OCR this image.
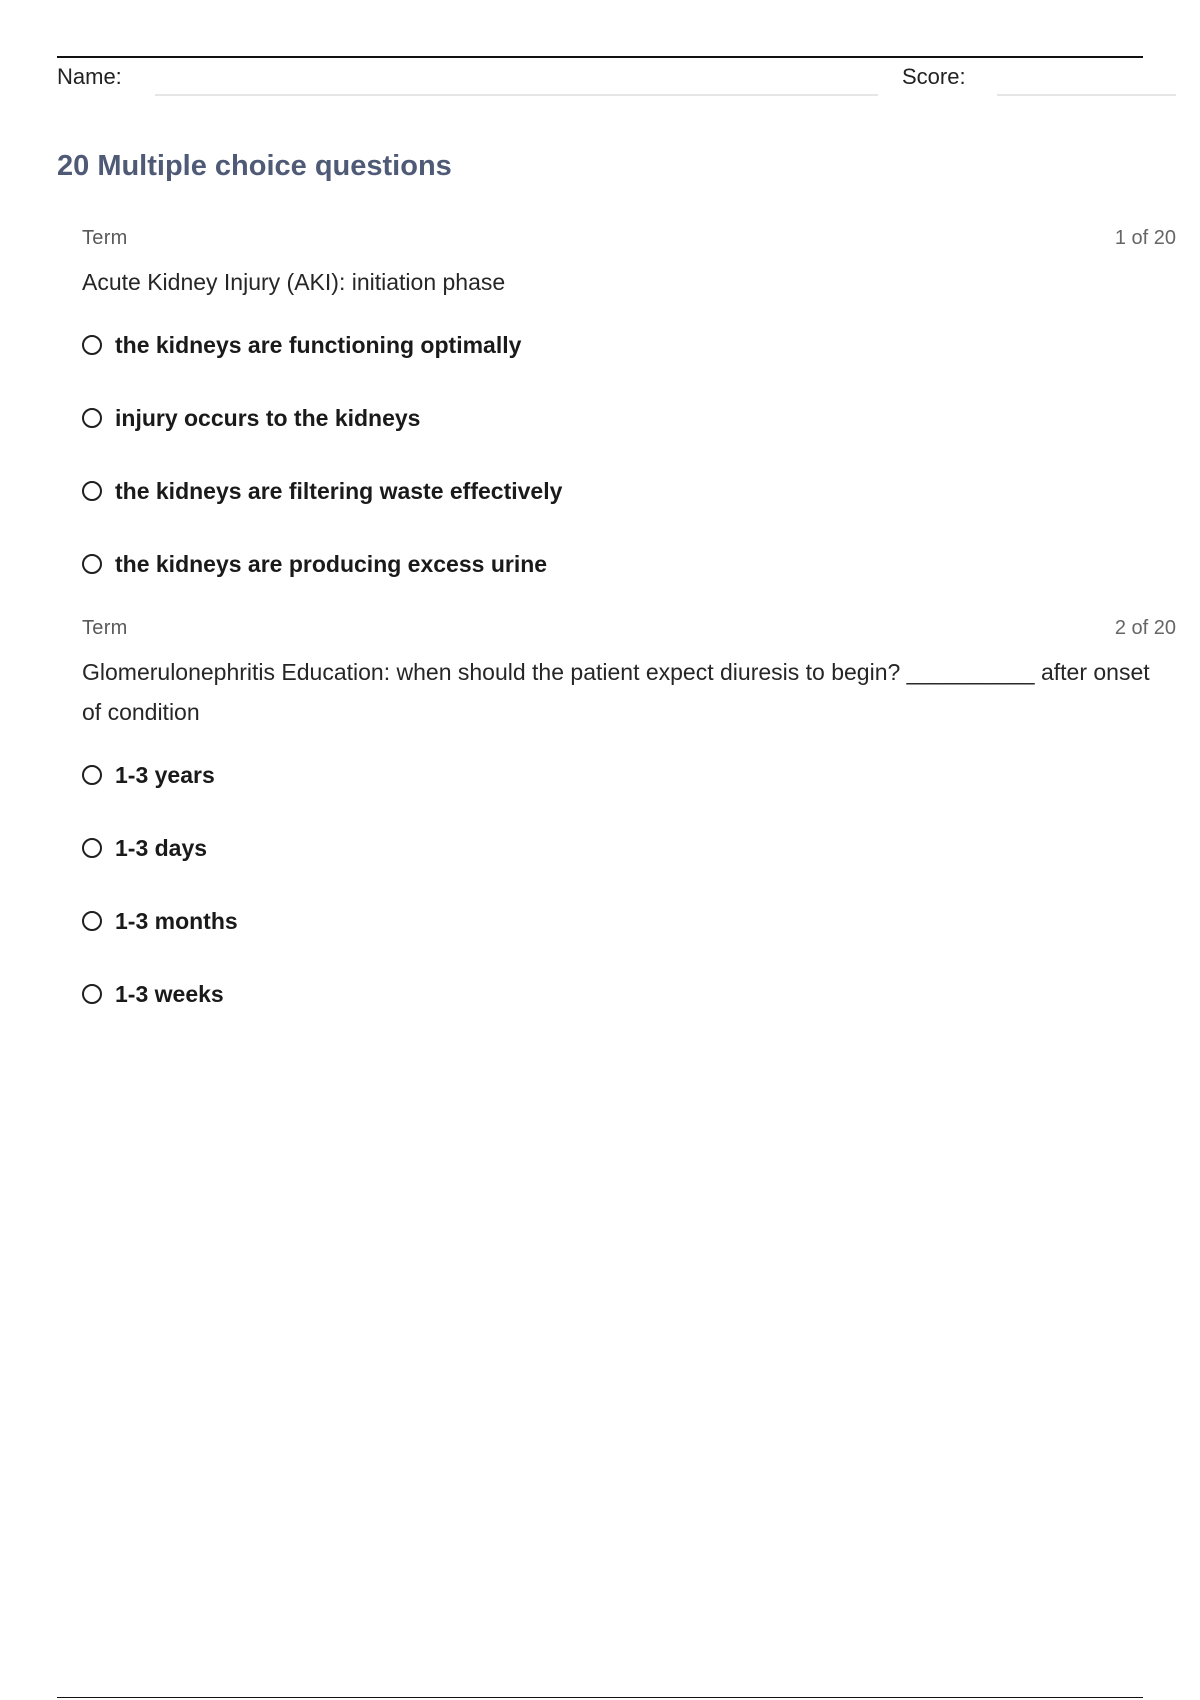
Name:	Score:
20 Multiple choice questions
Term	1 of 20
Acute Kidney Injury (AKI): initiation phase
the kidneys are functioning optimally
injury occurs to the kidneys
the kidneys are filtering waste effectively
the kidneys are producing excess urine
Term	2 of 20
Glomerulonephritis Education: when should the patient expect diuresis to begin? __________ after onset of condition
1-3 years
1-3 days
1-3 months
1-3 weeks
